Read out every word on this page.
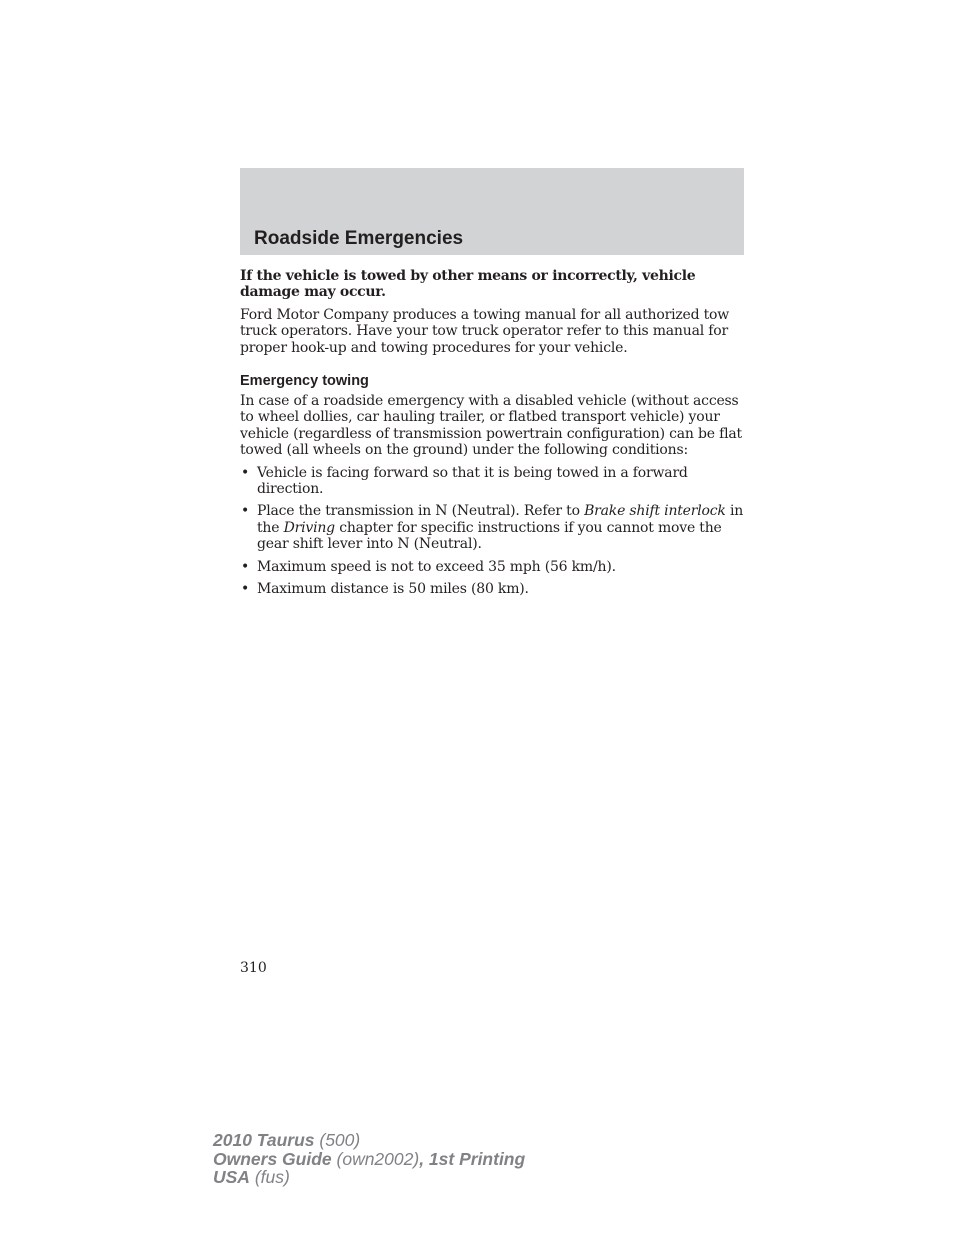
Roadside Emergencies

If the vehicle is towed by other means or incorrectly, vehicle damage may occur.

Ford Motor Company produces a towing manual for all authorized tow truck operators. Have your tow truck operator refer to this manual for proper hook-up and towing procedures for your vehicle.

Emergency towing

In case of a roadside emergency with a disabled vehicle (without access to wheel dollies, car hauling trailer, or flatbed transport vehicle) your vehicle (regardless of transmission powertrain configuration) can be flat towed (all wheels on the ground) under the following conditions:

• Vehicle is facing forward so that it is being towed in a forward direction.
• Place the transmission in N (Neutral). Refer to Brake shift interlock in the Driving chapter for specific instructions if you cannot move the gear shift lever into N (Neutral).
• Maximum speed is not to exceed 35 mph (56 km/h).
• Maximum distance is 50 miles (80 km).
310
2010 Taurus (500)
Owners Guide (own2002), 1st Printing
USA (fus)
